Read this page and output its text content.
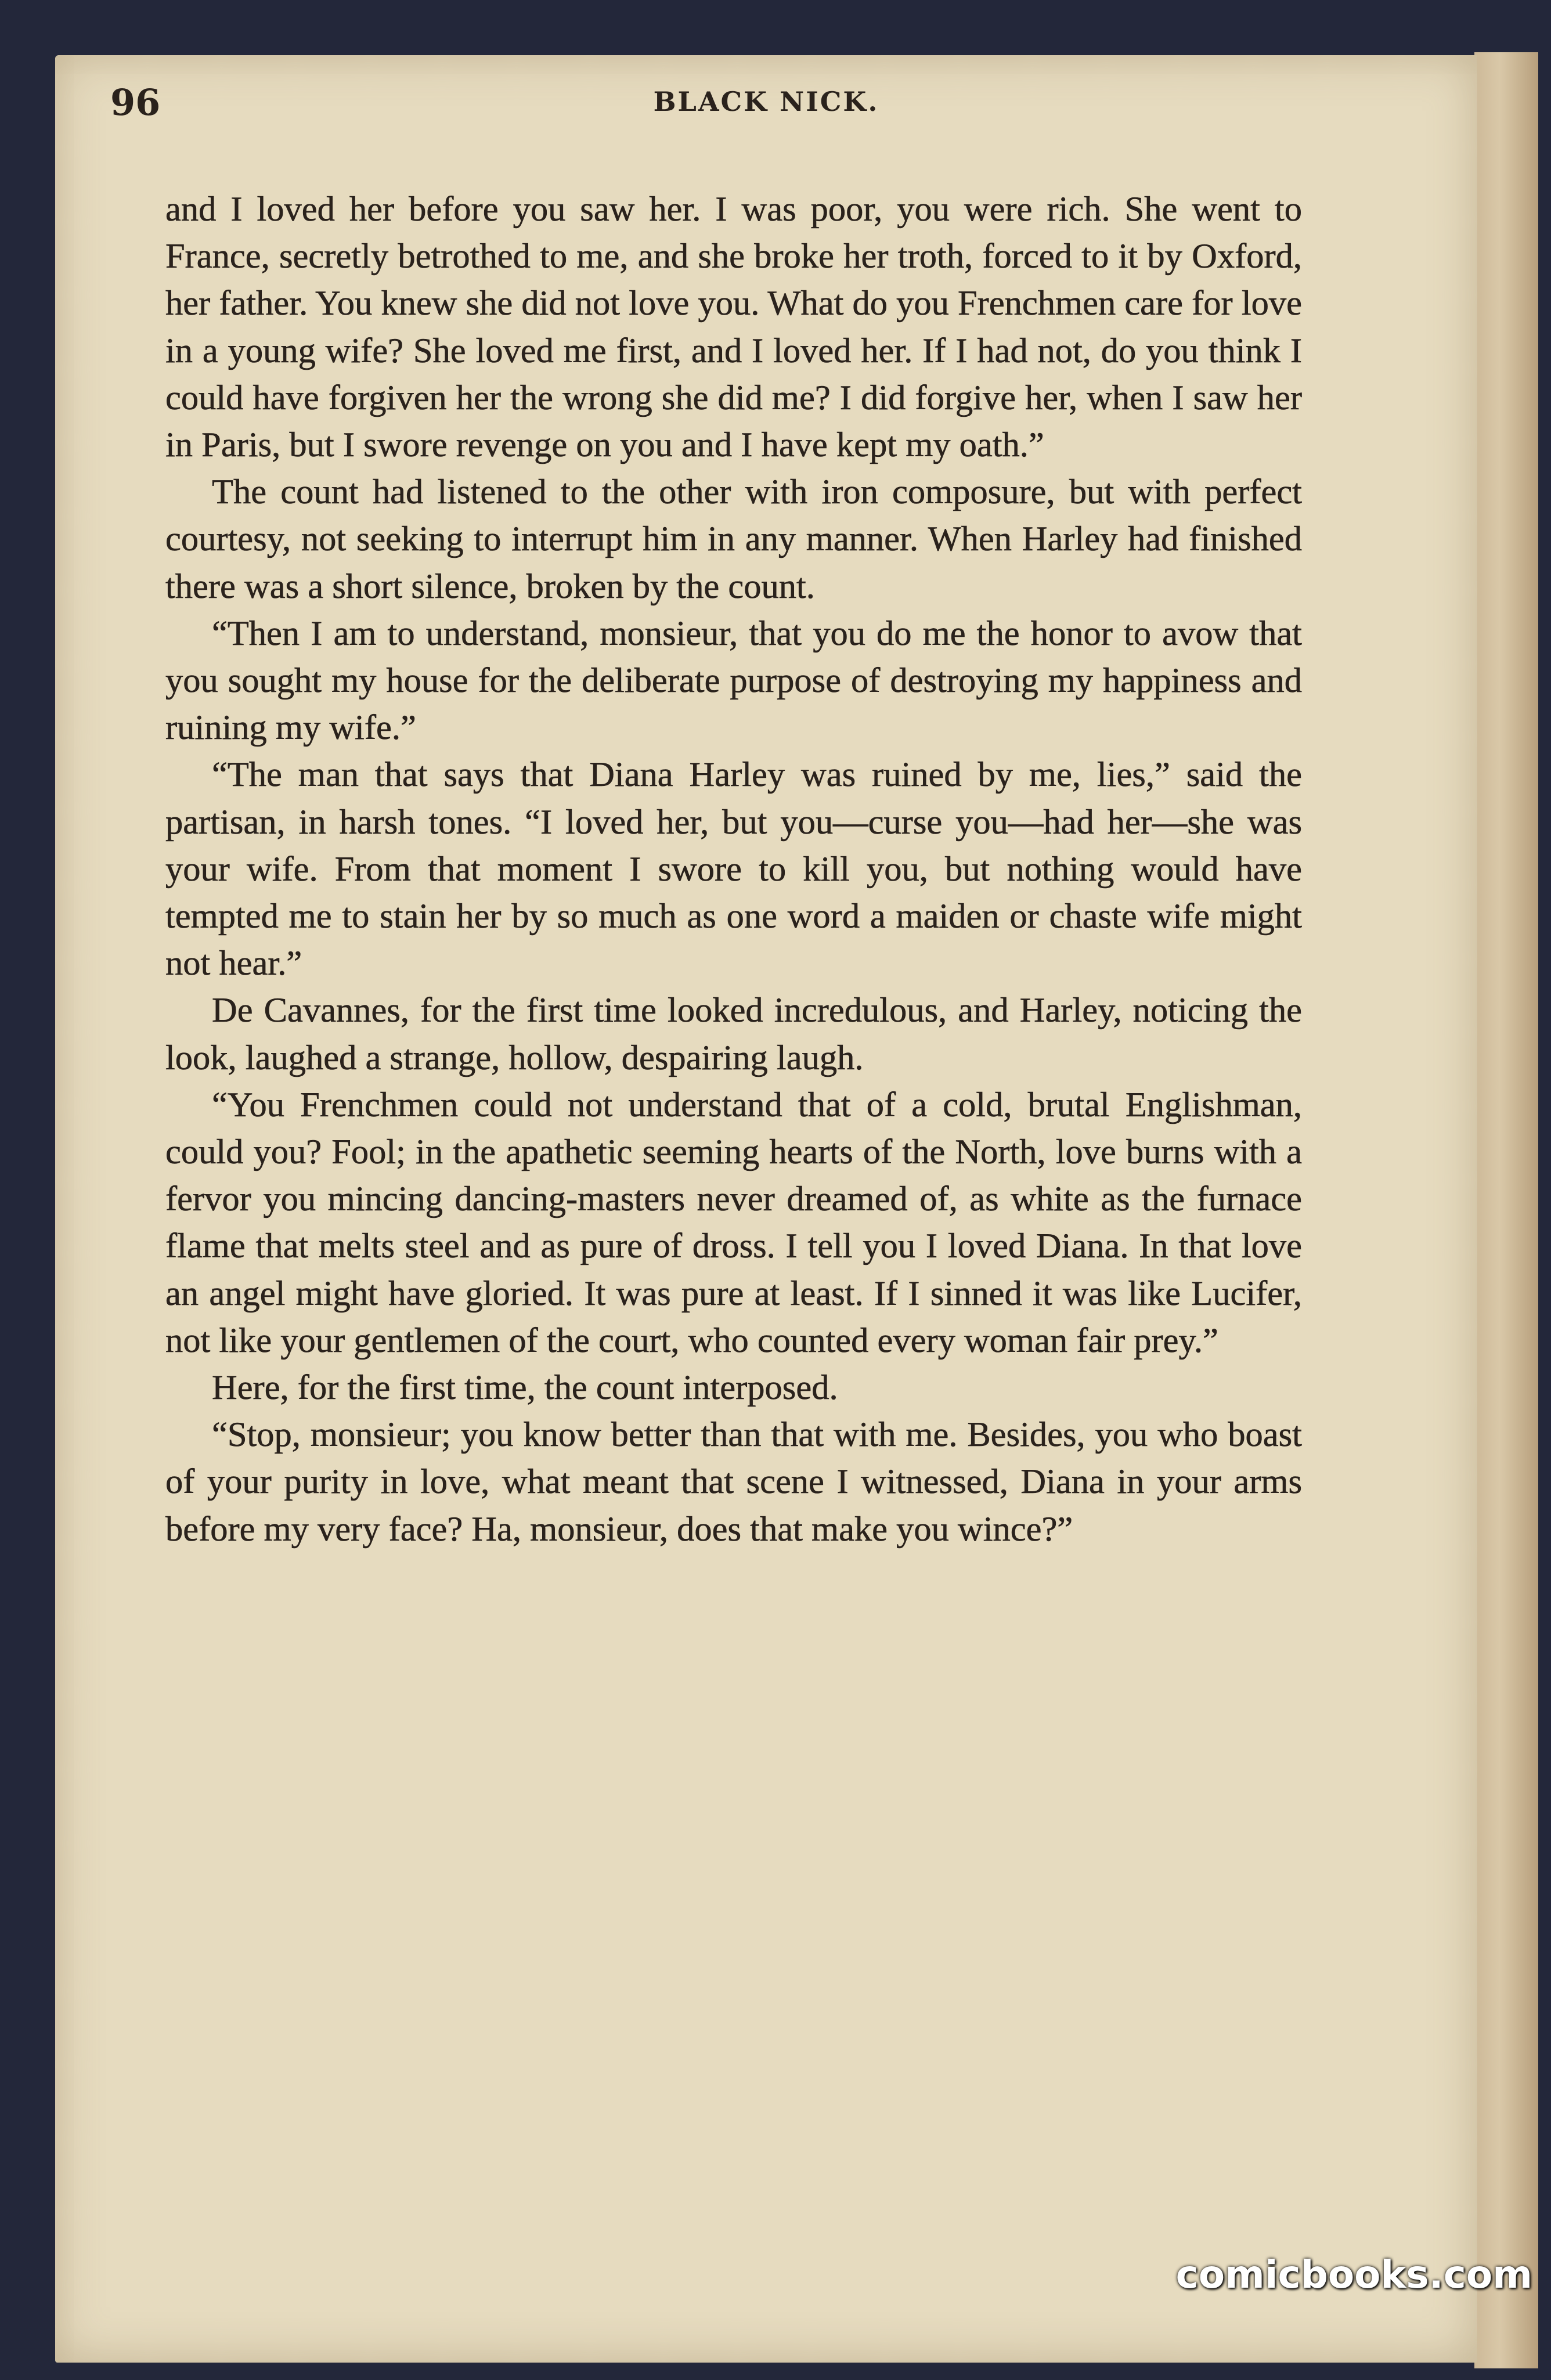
96	BLACK NICK.

and I loved her before you saw her. I was poor, you were rich. She went to France, secretly betrothed to me, and she broke her troth, forced to it by Oxford, her father. You knew she did not love you. What do you Frenchmen care for love in a young wife? She loved me first, and I loved her. If I had not, do you think I could have forgiven her the wrong she did me? I did forgive her, when I saw her in Paris, but I swore revenge on you and I have kept my oath.”

The count had listened to the other with iron composure, but with perfect courtesy, not seeking to interrupt him in any manner. When Harley had finished there was a short silence, broken by the count.

“Then I am to understand, monsieur, that you do me the honor to avow that you sought my house for the deliberate purpose of destroying my happiness and ruining my wife.”

“The man that says that Diana Harley was ruined by me, lies,” said the partisan, in harsh tones. “I loved her, but you—curse you—had her—she was your wife. From that moment I swore to kill you, but nothing would have tempted me to stain her by so much as one word a maiden or chaste wife might not hear.”

De Cavannes, for the first time looked incredulous, and Harley, noticing the look, laughed a strange, hollow, despairing laugh.

“You Frenchmen could not understand that of a cold, brutal Englishman, could you? Fool; in the apathetic seeming hearts of the North, love burns with a fervor you mincing dancing-masters never dreamed of, as white as the furnace flame that melts steel and as pure of dross. I tell you I loved Diana. In that love an angel might have gloried. It was pure at least. If I sinned it was like Lucifer, not like your gentlemen of the court, who counted every woman fair prey.”

Here, for the first time, the count interposed.

“Stop, monsieur; you know better than that with me. Besides, you who boast of your purity in love, what meant that scene I witnessed, Diana in your arms before my very face? Ha, monsieur, does that make you wince?”

comicbooks.com
